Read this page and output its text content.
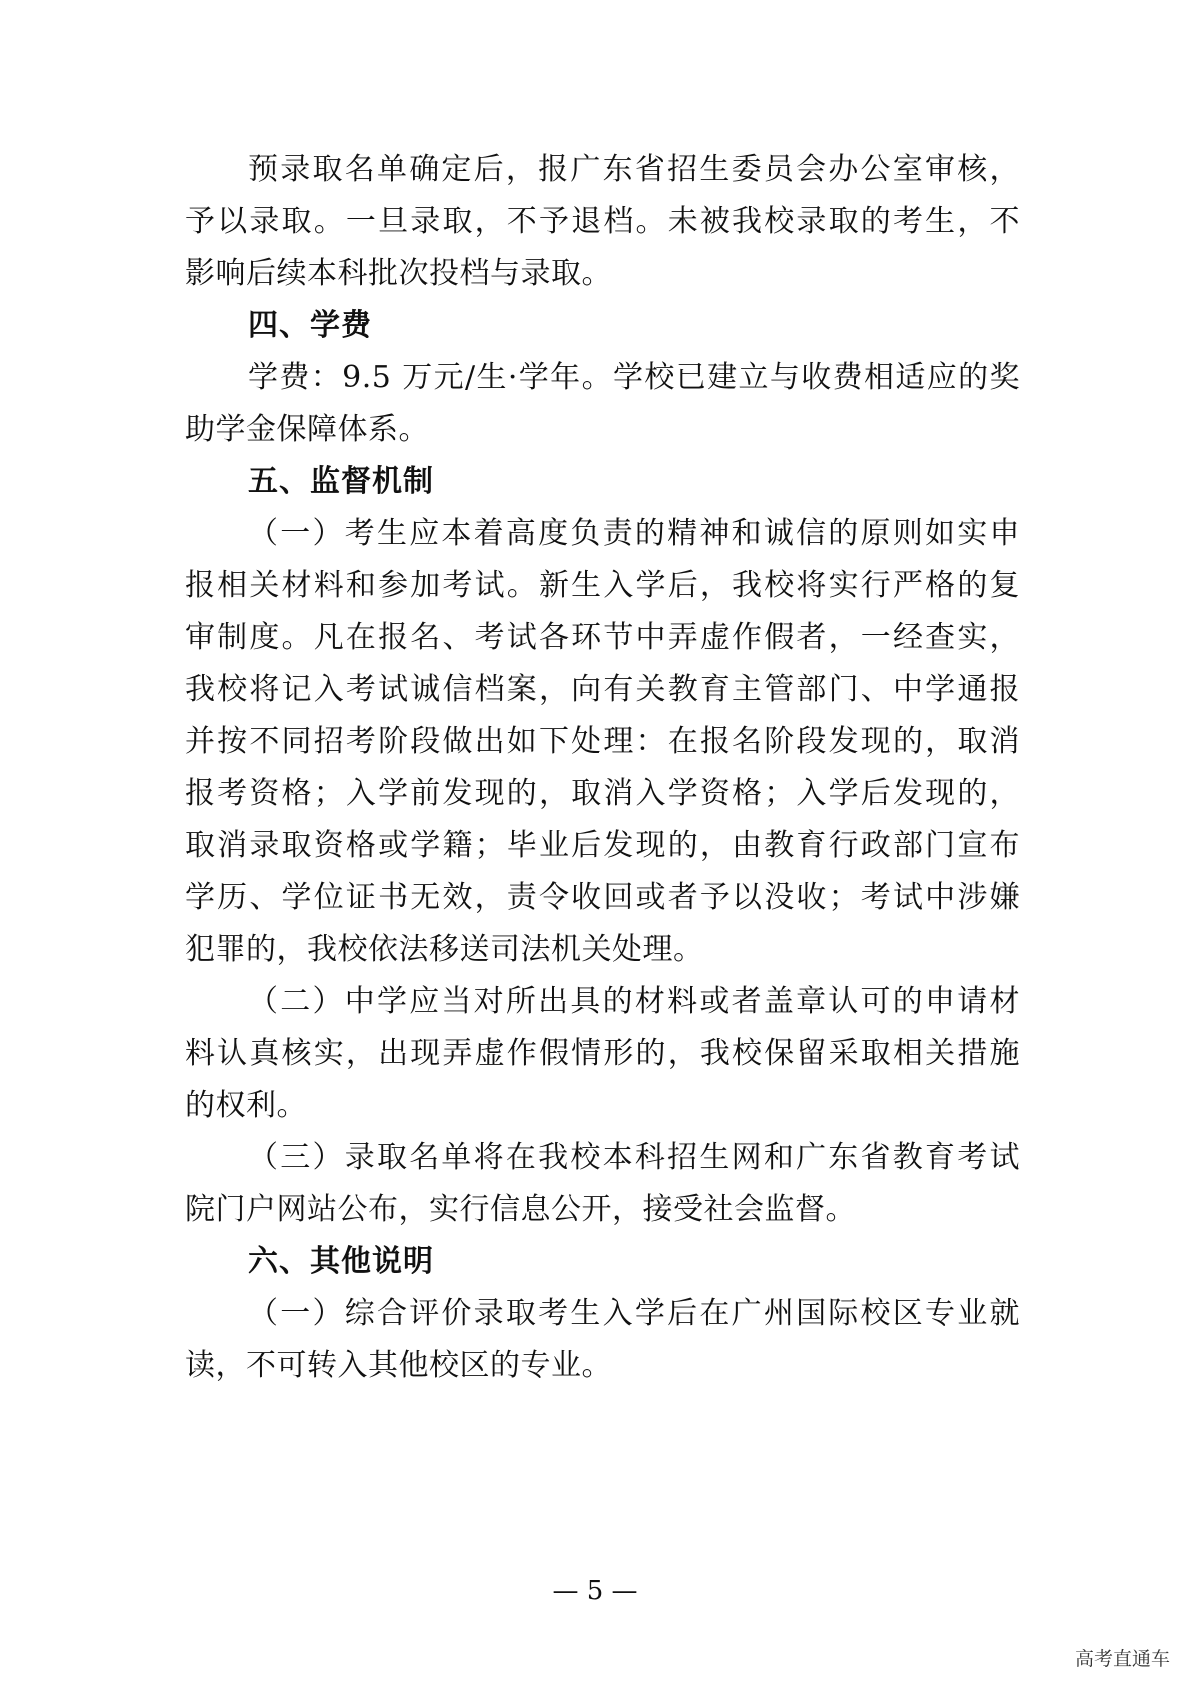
预录取名单确定后，报广东省招生委员会办公室审核，
予以录取。一旦录取，不予退档。未被我校录取的考生，不
影响后续本科批次投档与录取。
四、学费
学费：9.5 万元/生·学年。学校已建立与收费相适应的奖
助学金保障体系。
五、监督机制
（一）考生应本着高度负责的精神和诚信的原则如实申
报相关材料和参加考试。新生入学后，我校将实行严格的复
审制度。凡在报名、考试各环节中弄虚作假者，一经查实，
我校将记入考试诚信档案，向有关教育主管部门、中学通报
并按不同招考阶段做出如下处理：在报名阶段发现的，取消
报考资格；入学前发现的，取消入学资格；入学后发现的，
取消录取资格或学籍；毕业后发现的，由教育行政部门宣布
学历、学位证书无效，责令收回或者予以没收；考试中涉嫌
犯罪的，我校依法移送司法机关处理。
（二）中学应当对所出具的材料或者盖章认可的申请材
料认真核实，出现弄虚作假情形的，我校保留采取相关措施
的权利。
（三）录取名单将在我校本科招生网和广东省教育考试
院门户网站公布，实行信息公开，接受社会监督。
六、其他说明
（一）综合评价录取考生入学后在广州国际校区专业就
读，不可转入其他校区的专业。
— 5 —
高考直通车
